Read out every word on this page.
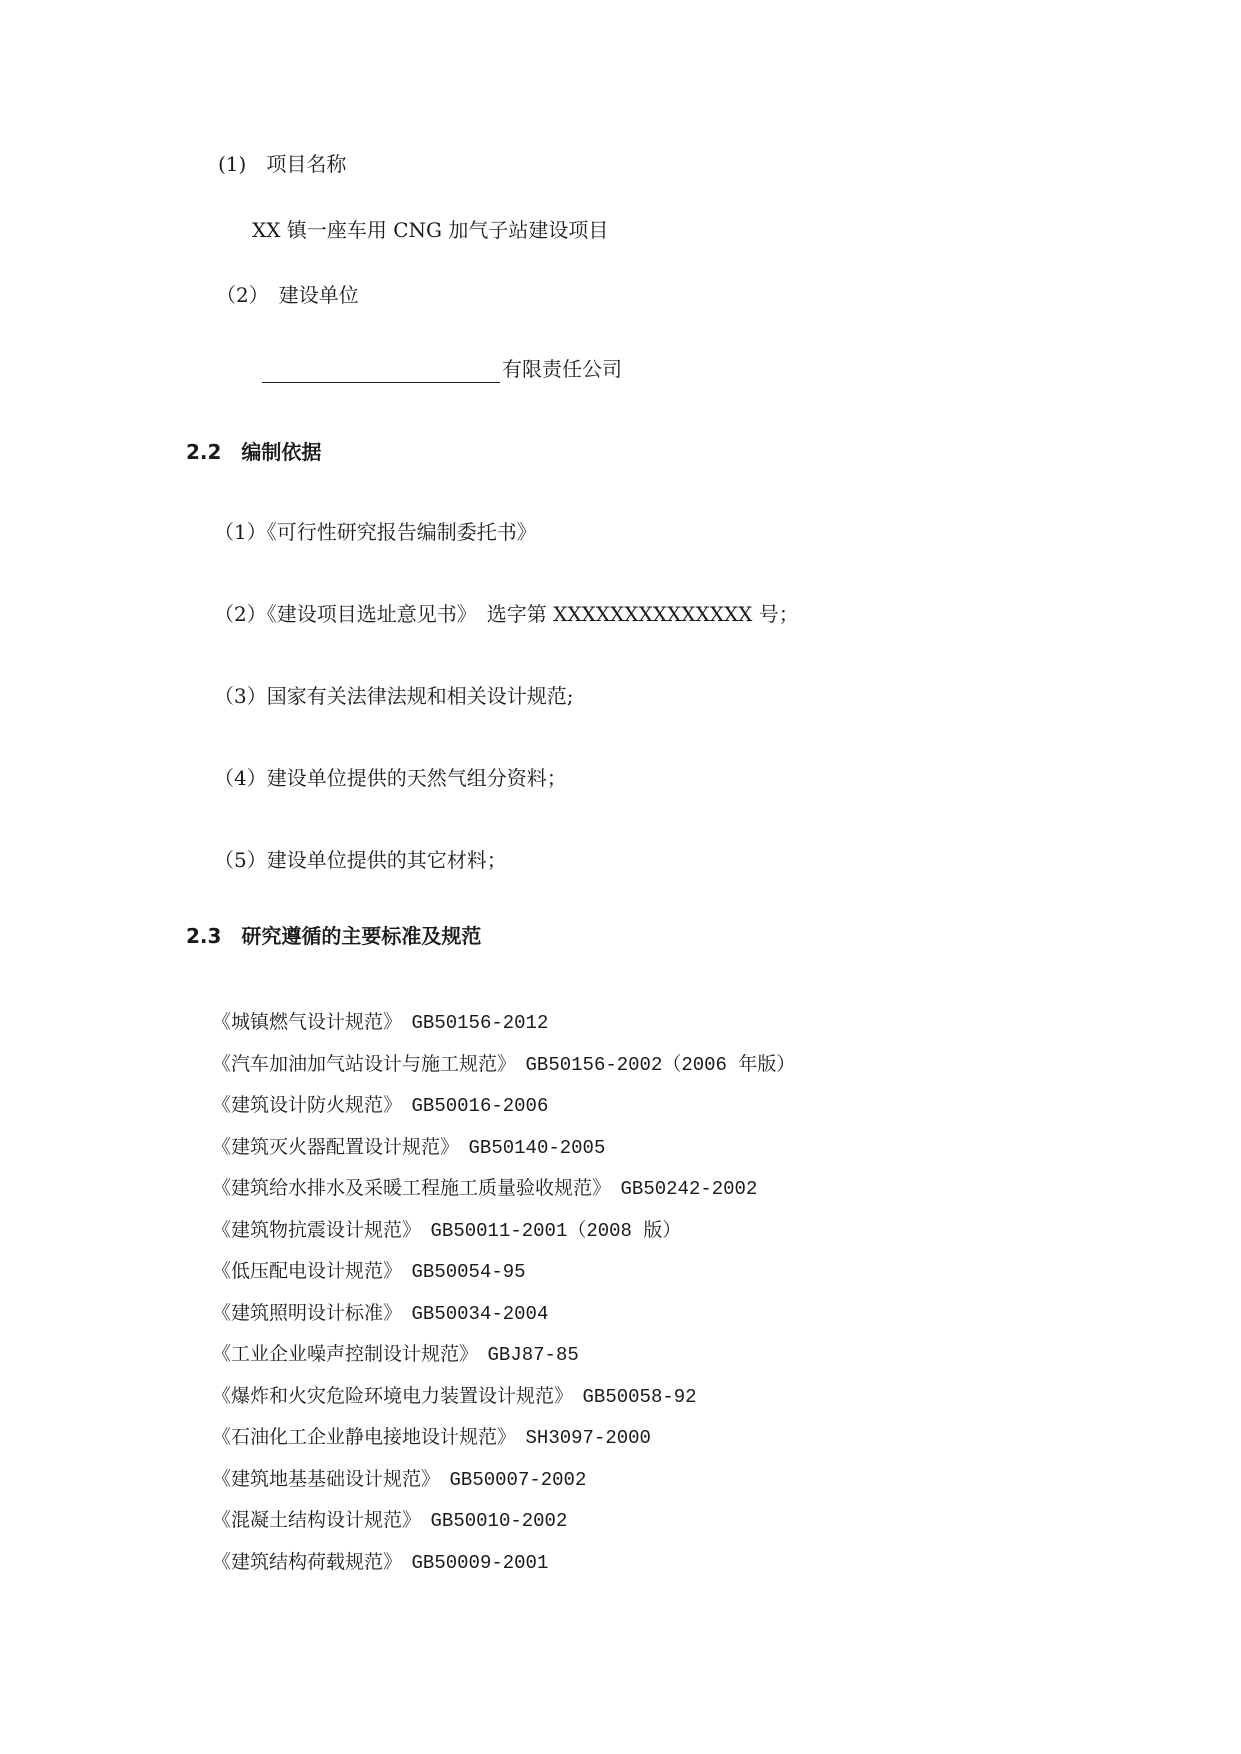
(1)　项目名称
XX 镇一座车用 CNG 加气子站建设项目
（2）　建设单位
有限责任公司
2.2　编制依据
（1）《可行性研究报告编制委托书》
（2）《建设项目选址意见书》　选字第 XXXXXXXXXXXXXX 号；
（3）国家有关法律法规和相关设计规范;
（4）建设单位提供的天然气组分资料；
（5）建设单位提供的其它材料；
2.3　研究遵循的主要标准及规范
《城镇燃气设计规范》　 GB50156-2012
《汽车加油加气站设计与施工规范》　 GB50156-2002（2006 年版）
《建筑设计防火规范》　 GB50016-2006
《建筑灭火器配置设计规范》　 GB50140-2005
《建筑给水排水及采暖工程施工质量验收规范》　 GB50242-2002
《建筑物抗震设计规范》　 GB50011-2001（2008 版）
《低压配电设计规范》　 GB50054-95
《建筑照明设计标准》　 GB50034-2004
《工业企业噪声控制设计规范》　 GBJ87-85
《爆炸和火灾危险环境电力装置设计规范》　 GB50058-92
《石油化工企业静电接地设计规范》　 SH3097-2000
《建筑地基基础设计规范》　 GB50007-2002
《混凝土结构设计规范》　 GB50010-2002
《建筑结构荷载规范》　 GB50009-2001
